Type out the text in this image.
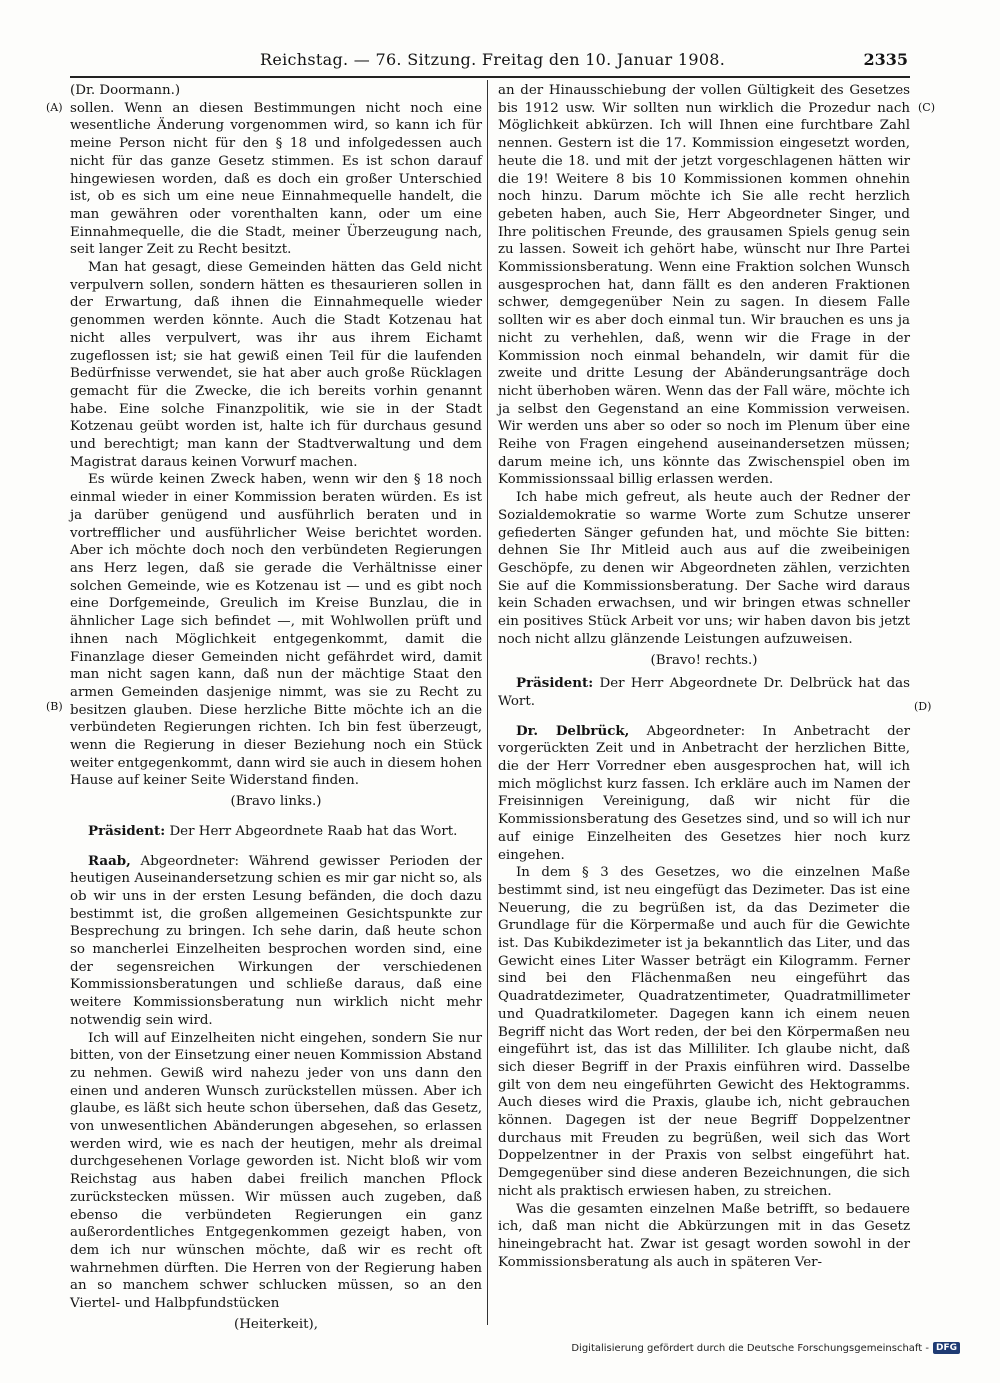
Reichstag. — 76. Sitzung. Freitag den 10. Januar 1908.	2335
(A)
(B)
(C)
(D)

(Dr. Doormann.)

sollen. Wenn an diesen Bestimmungen nicht noch eine wesentliche Änderung vorgenommen wird, so kann ich für meine Person nicht für den § 18 und infolgedessen auch nicht für das ganze Gesetz stimmen. Es ist schon darauf hingewiesen worden, daß es doch ein großer Unterschied ist, ob es sich um eine neue Einnahmequelle handelt, die man gewähren oder vorenthalten kann, oder um eine Einnahmequelle, die die Stadt, meiner Überzeugung nach, seit langer Zeit zu Recht besitzt.

Man hat gesagt, diese Gemeinden hätten das Geld nicht verpulvern sollen, sondern hätten es thesaurieren sollen in der Erwartung, daß ihnen die Einnahmequelle wieder genommen werden könnte. Auch die Stadt Kotzenau hat nicht alles verpulvert, was ihr aus ihrem Eichamt zugeflossen ist; sie hat gewiß einen Teil für die laufenden Bedürfnisse verwendet, sie hat aber auch große Rücklagen gemacht für die Zwecke, die ich bereits vorhin genannt habe. Eine solche Finanzpolitik, wie sie in der Stadt Kotzenau geübt worden ist, halte ich für durchaus gesund und berechtigt; man kann der Stadtverwaltung und dem Magistrat daraus keinen Vorwurf machen.

Es würde keinen Zweck haben, wenn wir den § 18 noch einmal wieder in einer Kommission beraten würden. Es ist ja darüber genügend und ausführlich beraten und in vortrefflicher und ausführlicher Weise berichtet worden. Aber ich möchte doch noch den verbündeten Regierungen ans Herz legen, daß sie gerade die Verhältnisse einer solchen Gemeinde, wie es Kotzenau ist — und es gibt noch eine Dorfgemeinde, Greulich im Kreise Bunzlau, die in ähnlicher Lage sich befindet —, mit Wohlwollen prüft und ihnen nach Möglichkeit entgegenkommt, damit die Finanzlage dieser Gemeinden nicht gefährdet wird, damit man nicht sagen kann, daß nun der mächtige Staat den armen Gemeinden dasjenige nimmt, was sie zu Recht zu besitzen glauben. Diese herzliche Bitte möchte ich an die verbündeten Regierungen richten. Ich bin fest überzeugt, wenn die Regierung in dieser Beziehung noch ein Stück weiter entgegenkommt, dann wird sie auch in diesem hohen Hause auf keiner Seite Widerstand finden.

(Bravo links.)

Präsident: Der Herr Abgeordnete Raab hat das Wort.

Raab, Abgeordneter: Während gewisser Perioden der heutigen Auseinandersetzung schien es mir gar nicht so, als ob wir uns in der ersten Lesung befänden, die doch dazu bestimmt ist, die großen allgemeinen Gesichtspunkte zur Besprechung zu bringen. Ich sehe darin, daß heute schon so mancherlei Einzelheiten besprochen worden sind, eine der segensreichen Wirkungen der verschiedenen Kommissionsberatungen und schließe daraus, daß eine weitere Kommissionsberatung nun wirklich nicht mehr notwendig sein wird.

Ich will auf Einzelheiten nicht eingehen, sondern Sie nur bitten, von der Einsetzung einer neuen Kommission Abstand zu nehmen. Gewiß wird nahezu jeder von uns dann den einen und anderen Wunsch zurückstellen müssen. Aber ich glaube, es läßt sich heute schon übersehen, daß das Gesetz, von unwesentlichen Abänderungen abgesehen, so erlassen werden wird, wie es nach der heutigen, mehr als dreimal durchgesehenen Vorlage geworden ist. Nicht bloß wir vom Reichstag aus haben dabei freilich manchen Pflock zurückstecken müssen. Wir müssen auch zugeben, daß ebenso die verbündeten Regierungen ein ganz außerordentliches Entgegenkommen gezeigt haben, von dem ich nur wünschen möchte, daß wir es recht oft wahrnehmen dürften. Die Herren von der Regierung haben an so manchem schwer schlucken müssen, so an den Viertel- und Halbpfundstücken

(Heiterkeit),

an der Hinausschiebung der vollen Gültigkeit des Gesetzes bis 1912 usw. Wir sollten nun wirklich die Prozedur nach Möglichkeit abkürzen. Ich will Ihnen eine furchtbare Zahl nennen. Gestern ist die 17. Kommission eingesetzt worden, heute die 18. und mit der jetzt vorgeschlagenen hätten wir die 19! Weitere 8 bis 10 Kommissionen kommen ohnehin noch hinzu. Darum möchte ich Sie alle recht herzlich gebeten haben, auch Sie, Herr Abgeordneter Singer, und Ihre politischen Freunde, des grausamen Spiels genug sein zu lassen. Soweit ich gehört habe, wünscht nur Ihre Partei Kommissionsberatung. Wenn eine Fraktion solchen Wunsch ausgesprochen hat, dann fällt es den anderen Fraktionen schwer, demgegenüber Nein zu sagen. In diesem Falle sollten wir es aber doch einmal tun. Wir brauchen es uns ja nicht zu verhehlen, daß, wenn wir die Frage in der Kommission noch einmal behandeln, wir damit für die zweite und dritte Lesung der Abänderungsanträge doch nicht überhoben wären. Wenn das der Fall wäre, möchte ich ja selbst den Gegenstand an eine Kommission verweisen. Wir werden uns aber so oder so noch im Plenum über eine Reihe von Fragen eingehend auseinandersetzen müssen; darum meine ich, uns könnte das Zwischenspiel oben im Kommissionssaal billig erlassen werden.

Ich habe mich gefreut, als heute auch der Redner der Sozialdemokratie so warme Worte zum Schutze unserer gefiederten Sänger gefunden hat, und möchte Sie bitten: dehnen Sie Ihr Mitleid auch aus auf die zweibeinigen Geschöpfe, zu denen wir Abgeordneten zählen, verzichten Sie auf die Kommissionsberatung. Der Sache wird daraus kein Schaden erwachsen, und wir bringen etwas schneller ein positives Stück Arbeit vor uns; wir haben davon bis jetzt noch nicht allzu glänzende Leistungen aufzuweisen.

(Bravo! rechts.)

Präsident: Der Herr Abgeordnete Dr. Delbrück hat das Wort.

Dr. Delbrück, Abgeordneter: In Anbetracht der vorgerückten Zeit und in Anbetracht der herzlichen Bitte, die der Herr Vorredner eben ausgesprochen hat, will ich mich möglichst kurz fassen. Ich erkläre auch im Namen der Freisinnigen Vereinigung, daß wir nicht für die Kommissionsberatung des Gesetzes sind, und so will ich nur auf einige Einzelheiten des Gesetzes hier noch kurz eingehen.

In dem § 3 des Gesetzes, wo die einzelnen Maße bestimmt sind, ist neu eingefügt das Dezimeter. Das ist eine Neuerung, die zu begrüßen ist, da das Dezimeter die Grundlage für die Körpermaße und auch für die Gewichte ist. Das Kubikdezimeter ist ja bekanntlich das Liter, und das Gewicht eines Liter Wasser beträgt ein Kilogramm. Ferner sind bei den Flächenmaßen neu eingeführt das Quadratdezimeter, Quadratzentimeter, Quadratmillimeter und Quadratkilometer. Dagegen kann ich einem neuen Begriff nicht das Wort reden, der bei den Körpermaßen neu eingeführt ist, das ist das Milliliter. Ich glaube nicht, daß sich dieser Begriff in der Praxis einführen wird. Dasselbe gilt von dem neu eingeführten Gewicht des Hektogramms. Auch dieses wird die Praxis, glaube ich, nicht gebrauchen können. Dagegen ist der neue Begriff Doppelzentner durchaus mit Freuden zu begrüßen, weil sich das Wort Doppelzentner in der Praxis von selbst eingeführt hat. Demgegenüber sind diese anderen Bezeichnungen, die sich nicht als praktisch erwiesen haben, zu streichen.

Was die gesamten einzelnen Maße betrifft, so bedauere ich, daß man nicht die Abkürzungen mit in das Gesetz hineingebracht hat. Zwar ist gesagt worden sowohl in der Kommissionsberatung als auch in späteren Ver-

Digitalisierung gefördert durch die Deutsche Forschungsgemeinschaft - DFG
